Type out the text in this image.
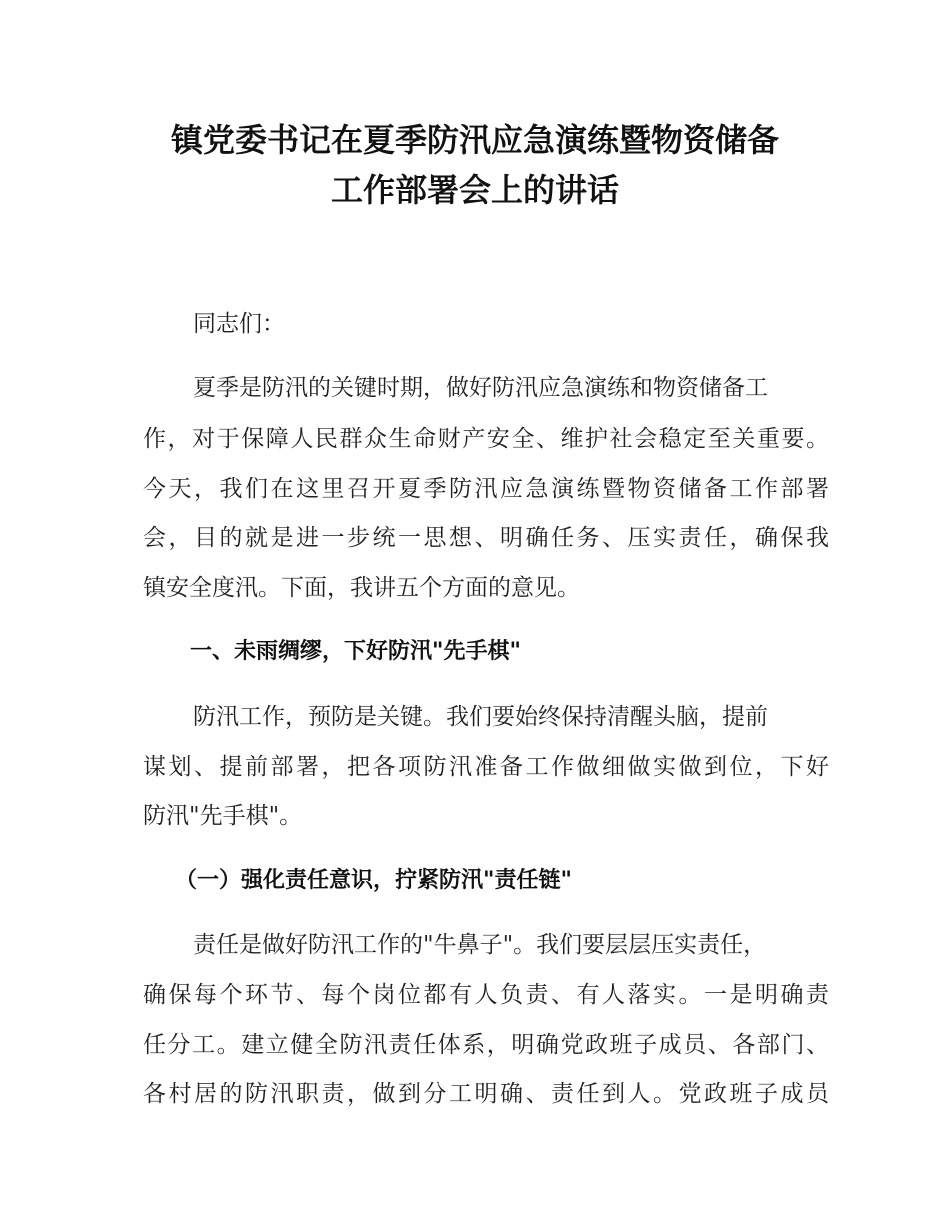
镇党委书记在夏季防汛应急演练暨物资储备
工作部署会上的讲话
同志们：
夏季是防汛的关键时期，做好防汛应急演练和物资储备工
作，对于保障人民群众生命财产安全、维护社会稳定至关重要。
今天，我们在这里召开夏季防汛应急演练暨物资储备工作部署
会，目的就是进一步统一思想、明确任务、压实责任，确保我
镇安全度汛。下面，我讲五个方面的意见。
一、未雨绸缪，下好防汛"先手棋"
防汛工作，预防是关键。我们要始终保持清醒头脑，提前
谋划、提前部署，把各项防汛准备工作做细做实做到位，下好
防汛"先手棋"。
（一）强化责任意识，拧紧防汛"责任链"
责任是做好防汛工作的"牛鼻子"。我们要层层压实责任，
确保每个环节、每个岗位都有人负责、有人落实。一是明确责
任分工。建立健全防汛责任体系，明确党政班子成员、各部门、
各村居的防汛职责，做到分工明确、责任到人。党政班子成员
